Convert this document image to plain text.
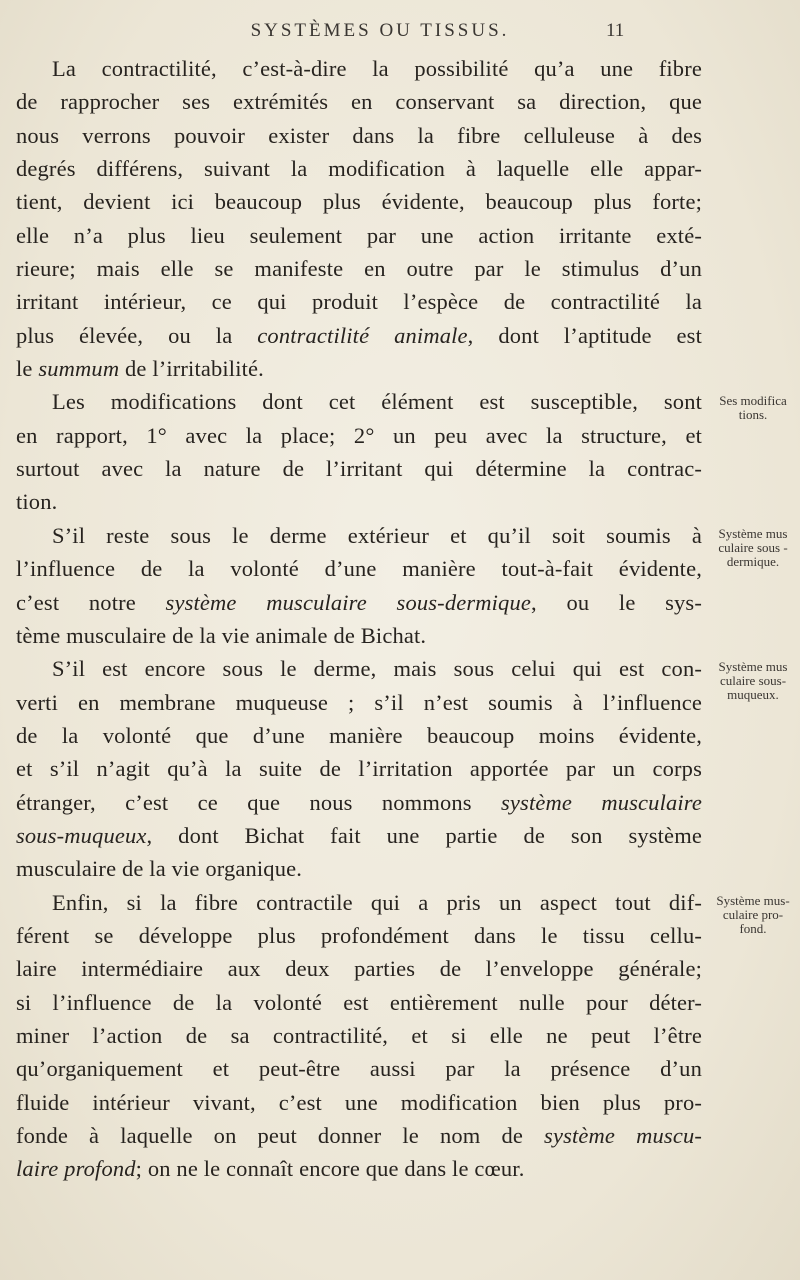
SYSTÈMES OU TISSUS.	11
La contractilité, c’est-à-dire la possibilité qu’a une fibre
de rapprocher ses extrémités en conservant sa direction, que
nous verrons pouvoir exister dans la fibre celluleuse à des
degrés différens, suivant la modification à laquelle elle appar-
tient, devient ici beaucoup plus évidente, beaucoup plus forte;
elle n’a plus lieu seulement par une action irritante exté-
rieure; mais elle se manifeste en outre par le stimulus d’un
irritant intérieur, ce qui produit l’espèce de contractilité la
plus élevée, ou la contractilité animale, dont l’aptitude est
le summum de l’irritabilité.
Les modifications dont cet élément est susceptible, sont
en rapport, 1° avec la place; 2° un peu avec la structure, et
surtout avec la nature de l’irritant qui détermine la contrac-
tion.
S’il reste sous le derme extérieur et qu’il soit soumis à
l’influence de la volonté d’une manière tout-à-fait évidente,
c’est notre système musculaire sous-dermique, ou le sys-
tème musculaire de la vie animale de Bichat.
S’il est encore sous le derme, mais sous celui qui est con-
verti en membrane muqueuse ; s’il n’est soumis à l’influence
de la volonté que d’une manière beaucoup moins évidente,
et s’il n’agit qu’à la suite de l’irritation apportée par un corps
étranger, c’est ce que nous nommons système musculaire
sous-muqueux, dont Bichat fait une partie de son système
musculaire de la vie organique.
Enfin, si la fibre contractile qui a pris un aspect tout dif-
férent se développe plus profondément dans le tissu cellu-
laire intermédiaire aux deux parties de l’enveloppe générale;
si l’influence de la volonté est entièrement nulle pour déter-
miner l’action de sa contractilité, et si elle ne peut l’être
qu’organiquement et peut-être aussi par la présence d’un
fluide intérieur vivant, c’est une modification bien plus pro-
fonde à laquelle on peut donner le nom de système muscu-
laire profond; on ne le connaît encore que dans le cœur.
Ses modifica
tions.
Système mus
culaire sous -
dermique.
Système mus
culaire sous-
muqueux.
Système mus-
culaire pro-
fond.
